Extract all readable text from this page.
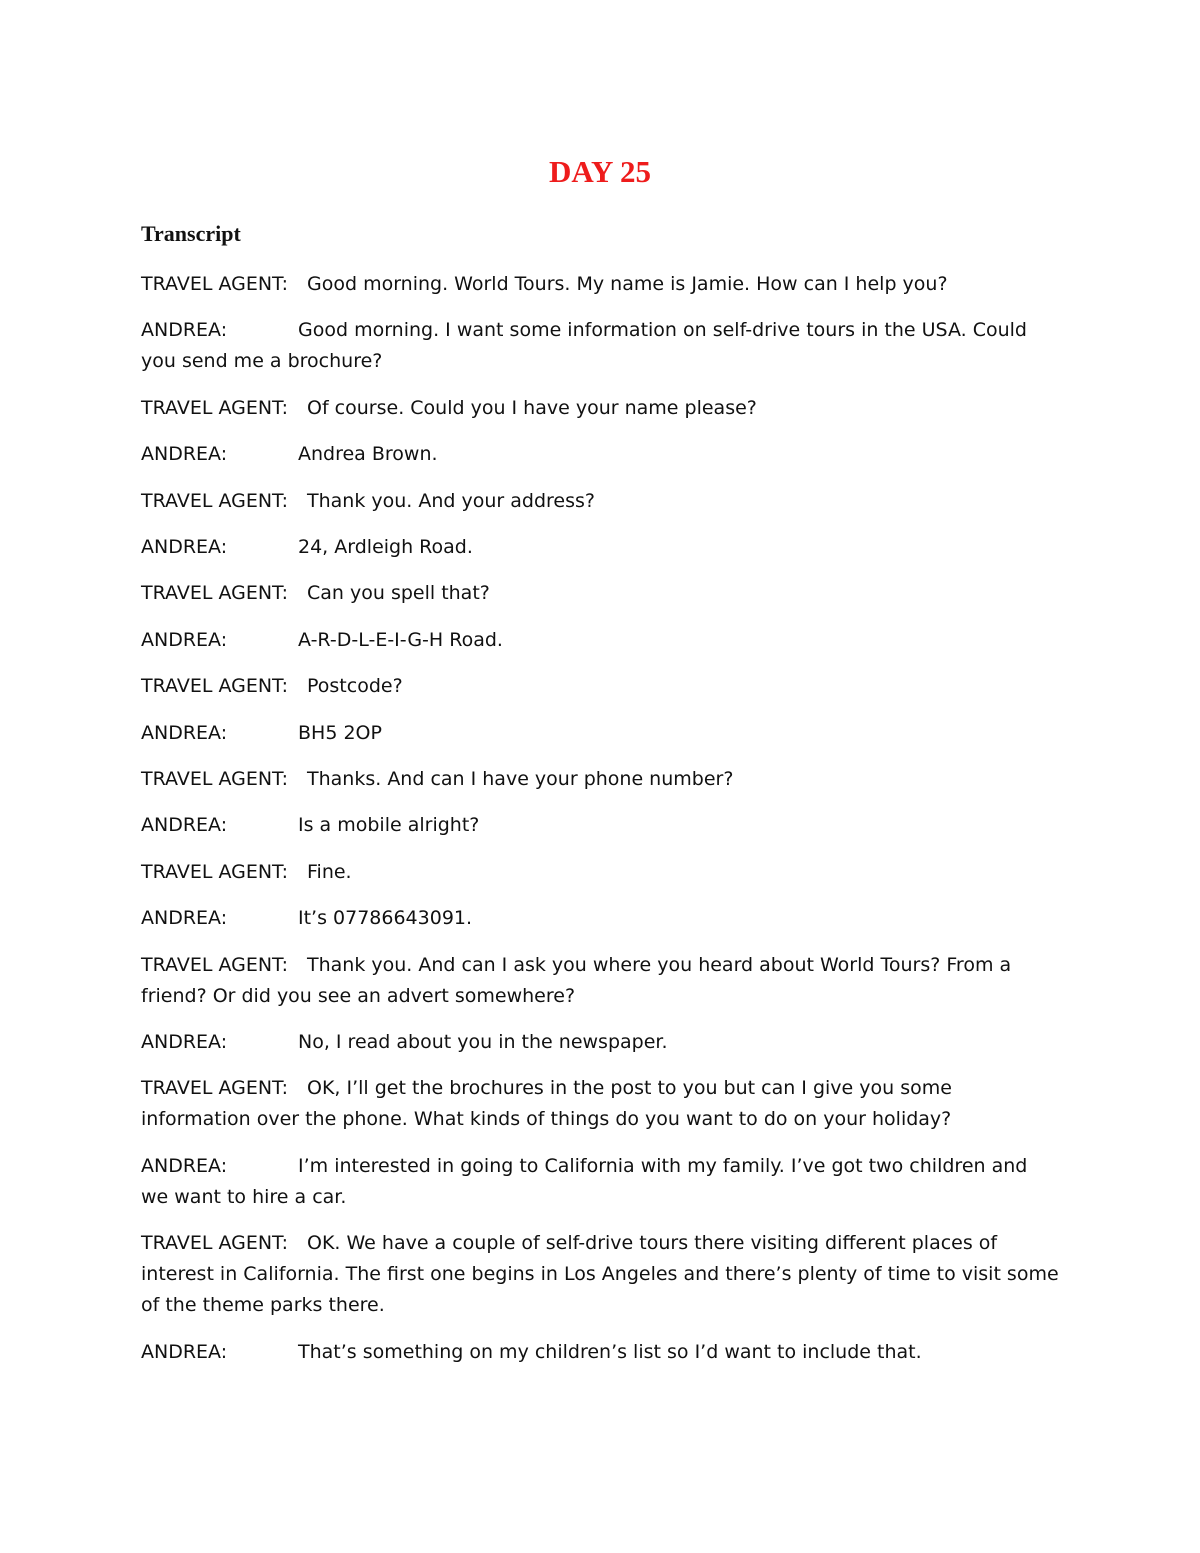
DAY 25
Transcript
TRAVEL AGENT: Good morning. World Tours. My name is Jamie. How can I help you?
ANDREA:	Good morning. I want some information on self-drive tours in the USA. Could
you send me a brochure?
TRAVEL AGENT: Of course. Could you I have your name please?
ANDREA:	Andrea Brown.
TRAVEL AGENT: Thank you. And your address?
ANDREA:	24, Ardleigh Road.
TRAVEL AGENT: Can you spell that?
ANDREA:	A-R-D-L-E-I-G-H Road.
TRAVEL AGENT: Postcode?
ANDREA:	BH5 2OP
TRAVEL AGENT: Thanks. And can I have your phone number?
ANDREA:	Is a mobile alright?
TRAVEL AGENT: Fine.
ANDREA:	It’s 07786643091.
TRAVEL AGENT: Thank you. And can I ask you where you heard about World Tours? From a
friend? Or did you see an advert somewhere?
ANDREA:	No, I read about you in the newspaper.
TRAVEL AGENT: OK, I’ll get the brochures in the post to you but can I give you some
information over the phone. What kinds of things do you want to do on your holiday?
ANDREA:	I’m interested in going to California with my family. I’ve got two children and
we want to hire a car.
TRAVEL AGENT: OK. We have a couple of self-drive tours there visiting different places of
interest in California. The first one begins in Los Angeles and there’s plenty of time to visit some
of the theme parks there.
ANDREA:	That’s something on my children’s list so I’d want to include that.
